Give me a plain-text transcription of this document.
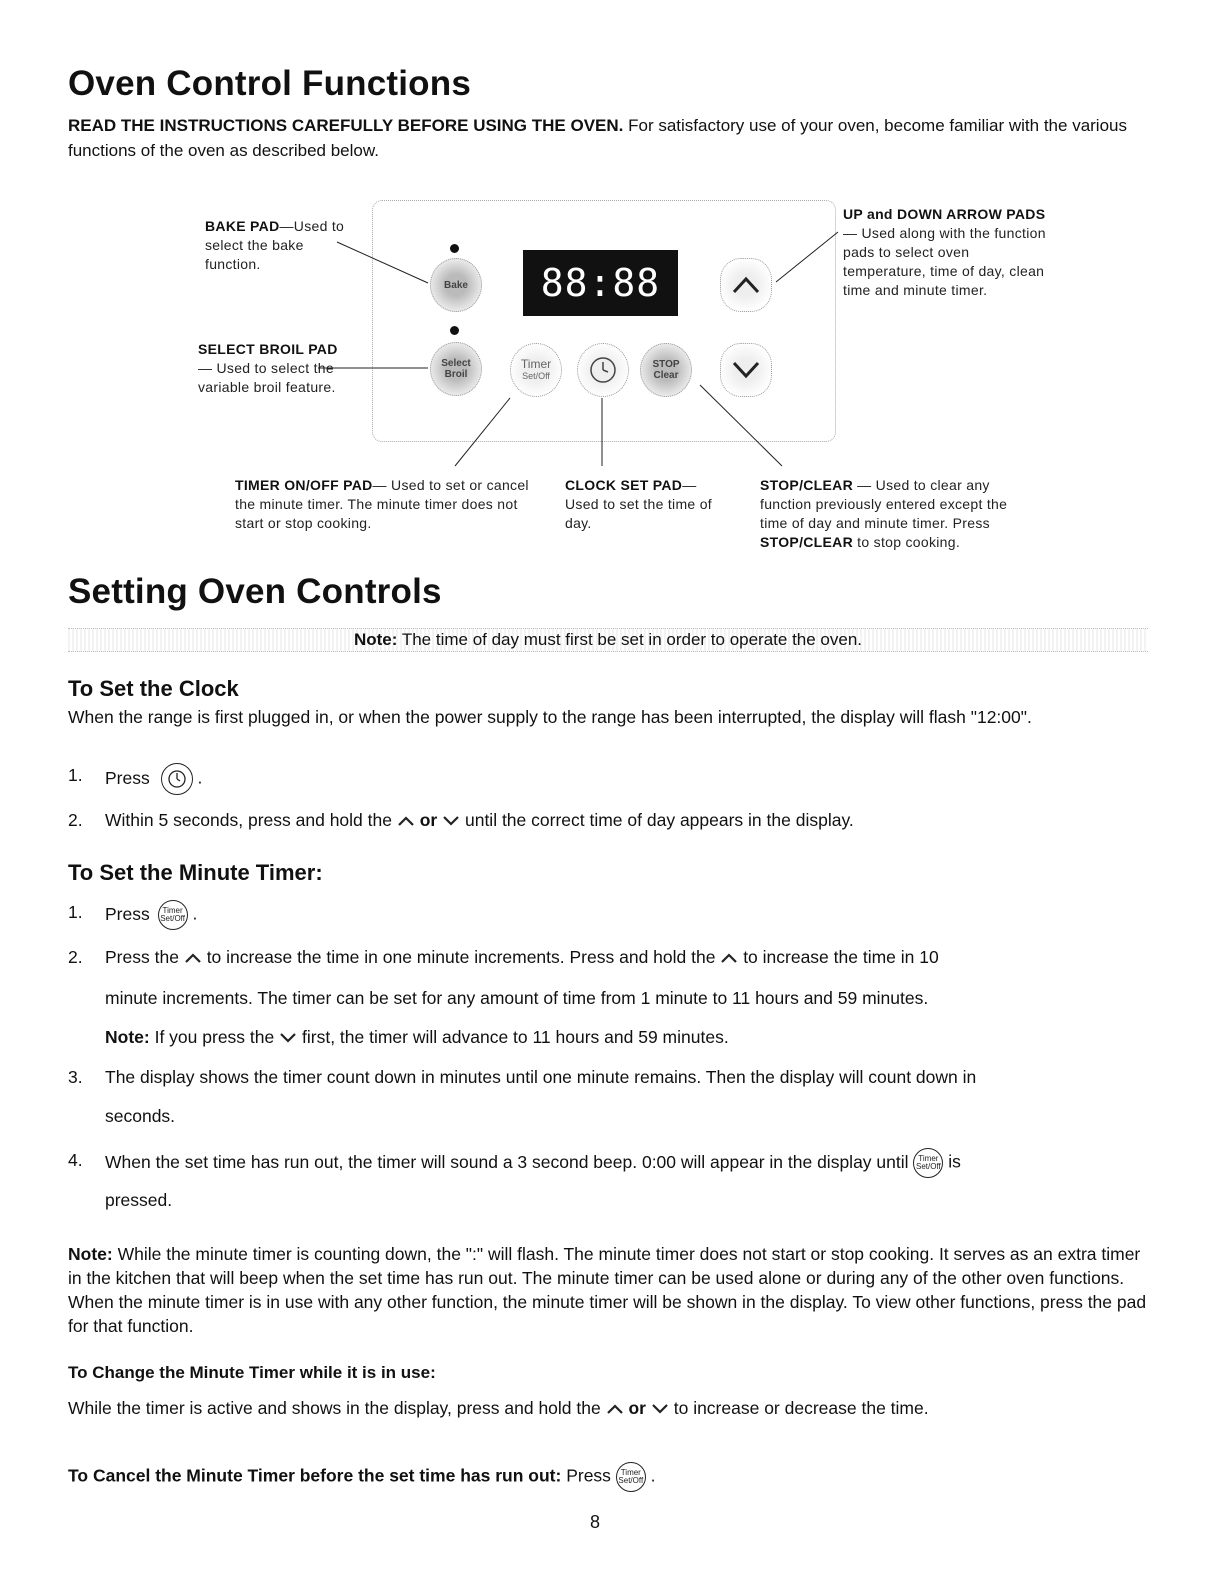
Oven Control Functions
READ THE INSTRUCTIONS CAREFULLY BEFORE USING THE OVEN. For satisfactory use of your oven, become familiar with the various functions of the oven as described below.
BAKE PAD—Used to select the bake function.
SELECT BROIL PAD— Used to select the variable broil feature.
UP and DOWN ARROW PADS— Used along with the function pads to select oven temperature, time of day, clean time and minute timer.
TIMER ON/OFF PAD— Used to set or cancel the minute timer. The minute timer does not start or stop cooking.
CLOCK SET PAD— Used to set the time of day.
STOP/CLEAR — Used to clear any function previously entered except the time of day and minute timer. Press STOP/CLEAR to stop cooking.
Bake
Select
Broil
88:88
Timer
Set/Off
STOP
Clear
Setting Oven Controls
Note: The time of day must first be set in order to operate the oven.
To Set the Clock
When the range is first plugged in, or when the power supply to the range has been interrupted, the display will flash "12:00".
1. Press	.
2. Within 5 seconds, press and hold the or until the correct time of day appears in the display.
To Set the Minute Timer:
1. Press Timer
Set/Off .
2. Press the to increase the time in one minute increments. Press and hold the to increase the time in 10
minute increments. The timer can be set for any amount of time from 1 minute to 11 hours and 59 minutes.
Note: If you press the first, the timer will advance to 11 hours and 59 minutes.
3. The display shows the timer count down in minutes until one minute remains. Then the display will count down in
seconds.
4. When the set time has run out, the timer will sound a 3 second beep. 0:00 will appear in the display until Timer
Set/Off is
pressed.
Note: While the minute timer is counting down, the ":" will flash. The minute timer does not start or stop cooking. It serves as an extra timer in the kitchen that will beep when the set time has run out. The minute timer can be used alone or during any of the other oven functions. When the minute timer is in use with any other function, the minute timer will be shown in the display. To view other functions, press the pad for that function.
To Change the Minute Timer while it is in use:
While the timer is active and shows in the display, press and hold the or to increase or decrease the time.
To Cancel the Minute Timer before the set time has run out: Press Timer
Set/Off .
8
